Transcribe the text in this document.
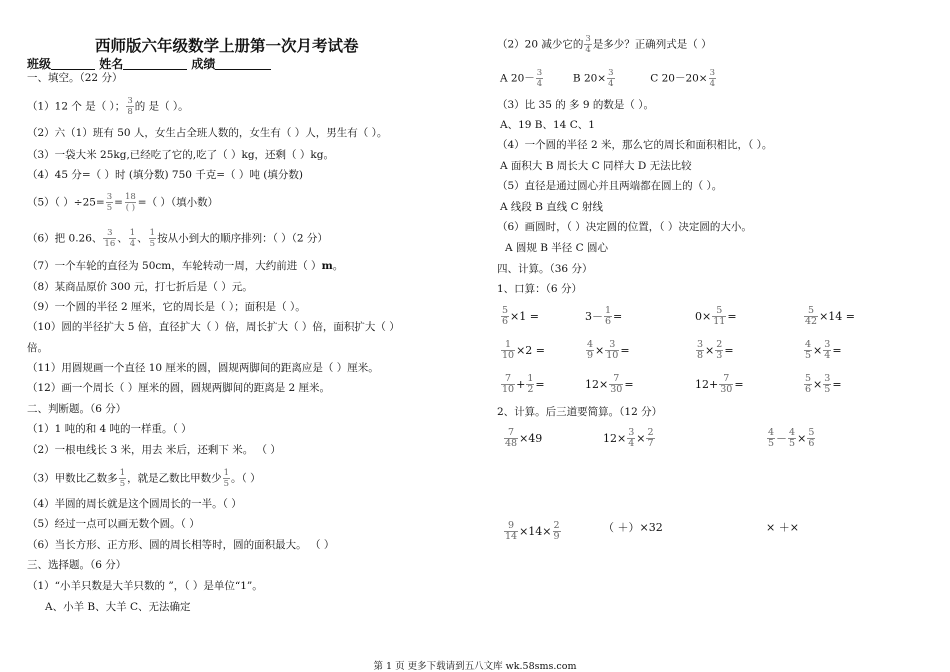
西师版六年级数学上册第一次月考试卷
班级	姓名	成绩
一、填空。（22 分）
（1）12 个 是（ ）； $\frac{3}{8}$ 的 是（ ）。
（2）六（1）班有 50 人，女生占全班人数的，女生有（ ）人，男生有（ ）。
（3）一袋大米 25kg,已经吃了它的,吃了（ ）kg，还剩（ ）kg。
（4）45 分=（ ）时 (填分数) 750 千克=（ ）吨 (填分数)
（5）（ ）$\div 25= \frac{3}{5} = \frac{18}{( )}$ =（ ）（填小数）
（6）把 0.26、 $\frac{3}{16}$ 、 $\frac{1}{4}$ 、 $\frac{1}{5}$ 按从小到大的顺序排列：（ ）（2 分）
（7）一个车轮的直径为 50cm，车轮转动一周，大约前进（ ）m。
（8）某商品原价 300 元，打七折后是（ ）元。
（9）一个圆的半径 2 厘米，它的周长是（ ）；面积是（ ）。
（10）圆的半径扩大 5 倍，直径扩大（ ）倍，周长扩大（ ）倍，面积扩大（ ）
倍。
（11）用圆规画一个直径 10 厘米的圆，圆规两脚间的距离应是（ ）厘米。
（12）画一个周长（ ）厘米的圆，圆规两脚间的距离是 2 厘米。
二、判断题。（6 分）
（1）1 吨的和 4 吨的一样重。（ ）
（2）一根电线长 3 米，用去 米后，还剩下 米。 （ ）
（3）甲数比乙数多 $\frac{1}{5}$ ，就是乙数比甲数少 $\frac{1}{5}$ 。（ ）
（4）半圆的周长就是这个圆周长的一半。（ ）
（5）经过一点可以画无数个圆。（ ）
（6）当长方形、正方形、圆的周长相等时，圆的面积最大。 （ ）
三、选择题。（6 分）
（1）“小羊只数是大羊只数的 ”，（ ）是单位“1”。
A、小羊 B、大羊 C、无法确定
（2）20 减少它的 $\frac{3}{4}$ 是多少？正确列式是（ ）
A $20- \frac{3}{4}$	B $20\times \frac{3}{4}$	C $20-20\times \frac{3}{4}$
（3）比 35 的 多 9 的数是（ ）。
A、19 B、14 C、1
（4）一个圆的半径 2 米，那么它的周长和面积相比，（ ）。
A 面积大 B 周长大 C 同样大 D 无法比较
（5）直径是通过圆心并且两端都在圆上的（ ）。
A 线段 B 直线 C 射线
（6）画圆时，（ ）决定圆的位置，（ ）决定圆的大小。
A 圆规 B 半径 C 圆心
四、计算。（36 分）
1、口算：（6 分）
2、计算。后三道要简算。（12 分）
第 1 页 更多下载请到五八文库 wk.58sms.com
$\frac{5}{6} \times 1$ =	$3- \frac{1}{6}$ =	$0\times \frac{5}{11}$ =	$\frac{5}{42} \times 14$ =
$\frac{1}{10} \times 2$ =	$\frac{4}{9} \times \frac{3}{10}$ =	$\frac{3}{8} \times \frac{2}{3}$ =	$\frac{4}{5} \times \frac{3}{4}$ =
$\frac{7}{10} + \frac{1}{2}$ =	$12\times \frac{7}{30}$ =	$12+ \frac{7}{30}$ =	$\frac{5}{6} \times \frac{3}{5}$ =
$\frac{7}{48} \times 49$	$12\times \frac{3}{4} \times \frac{2}{7}$	$\frac{4}{5} - \frac{4}{5} \times \frac{5}{6}$
$\frac{9}{14} \times 14\times \frac{2}{9}$	（ ＋）×32	× ＋×
